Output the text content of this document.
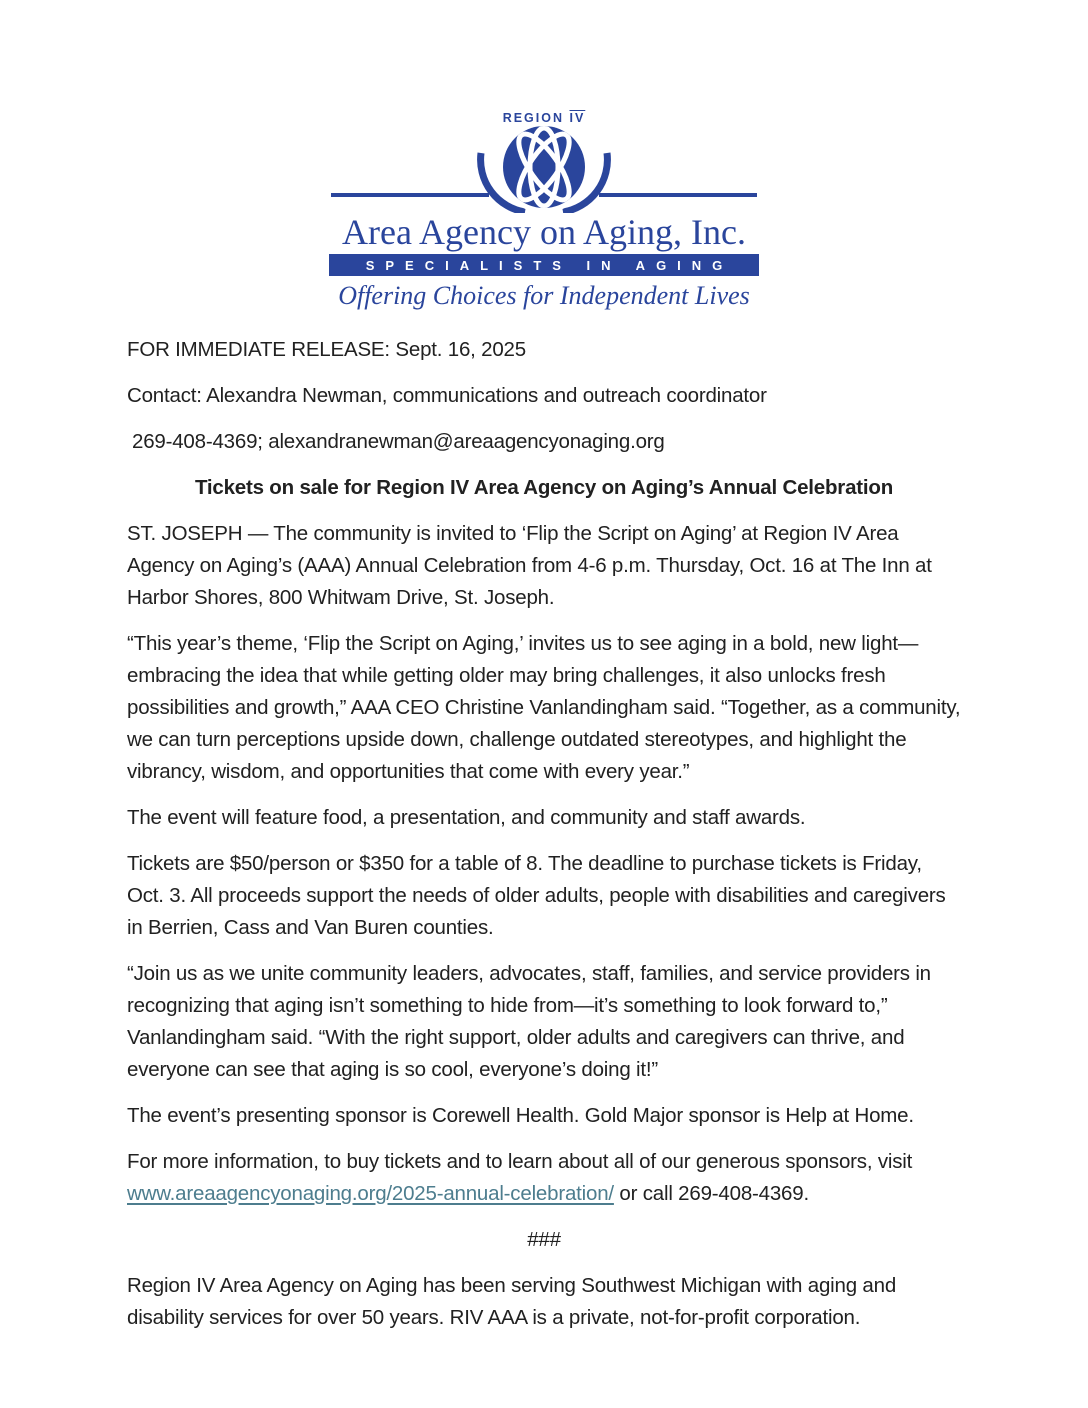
REGION $\overline{IV}$
Area Agency on Aging, Inc.
SPECIALISTS IN AGING
Offering Choices for Independent Lives

FOR IMMEDIATE RELEASE: Sept. 16, 2025

Contact: Alexandra Newman, communications and outreach coordinator

269-408-4369; alexandranewman@areaagencyonaging.org

Tickets on sale for Region IV Area Agency on Aging’s Annual Celebration

ST. JOSEPH — The community is invited to ‘Flip the Script on Aging’ at Region IV Area Agency on Aging’s (AAA) Annual Celebration from 4-6 p.m. Thursday, Oct. 16 at The Inn at Harbor Shores, 800 Whitwam Drive, St. Joseph.

“This year’s theme, ‘Flip the Script on Aging,’ invites us to see aging in a bold, new light—embracing the idea that while getting older may bring challenges, it also unlocks fresh possibilities and growth,” AAA CEO Christine Vanlandingham said. “Together, as a community, we can turn perceptions upside down, challenge outdated stereotypes, and highlight the vibrancy, wisdom, and opportunities that come with every year.”

The event will feature food, a presentation, and community and staff awards.

Tickets are $50/person or $350 for a table of 8. The deadline to purchase tickets is Friday, Oct. 3. All proceeds support the needs of older adults, people with disabilities and caregivers in Berrien, Cass and Van Buren counties.

“Join us as we unite community leaders, advocates, staff, families, and service providers in recognizing that aging isn’t something to hide from—it’s something to look forward to,” Vanlandingham said. “With the right support, older adults and caregivers can thrive, and everyone can see that aging is so cool, everyone’s doing it!”

The event’s presenting sponsor is Corewell Health. Gold Major sponsor is Help at Home.

For more information, to buy tickets and to learn about all of our generous sponsors, visit www.areaagencyonaging.org/2025-annual-celebration/ or call 269-408-4369.

###

Region IV Area Agency on Aging has been serving Southwest Michigan with aging and disability services for over 50 years. RIV AAA is a private, not-for-profit corporation.
